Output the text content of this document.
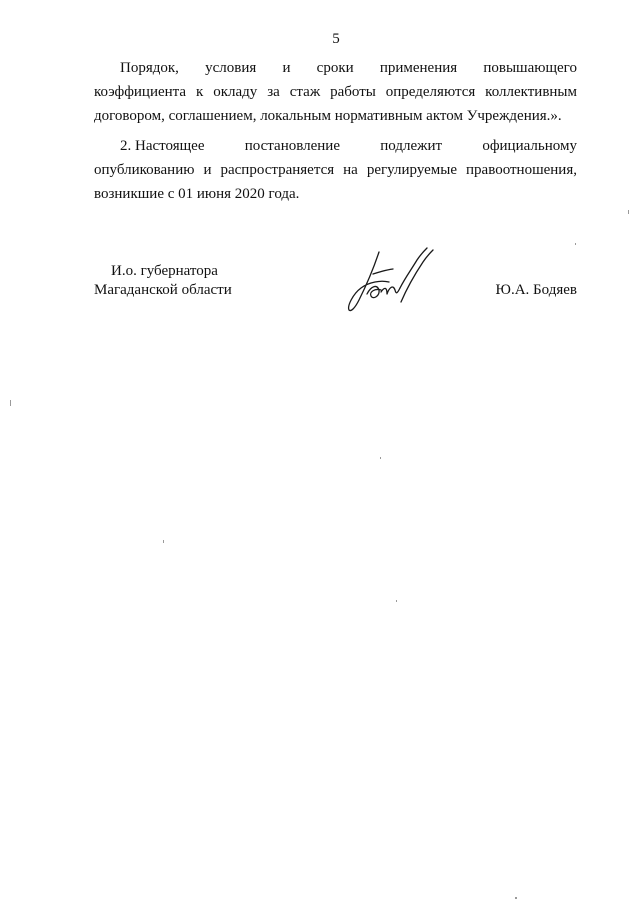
5
Порядок, условия и сроки применения повышающего
коэффициента к окладу за стаж работы определяются коллективным
договором, соглашением, локальным нормативным актом Учреждения.».
2. Настоящее	постановление	подлежит	официальному
опубликованию и распространяется на регулируемые правоотношения,
возникшие с 01 июня 2020 года.
И.о. губернатора
Магаданской области	Ю.А. Бодяев
